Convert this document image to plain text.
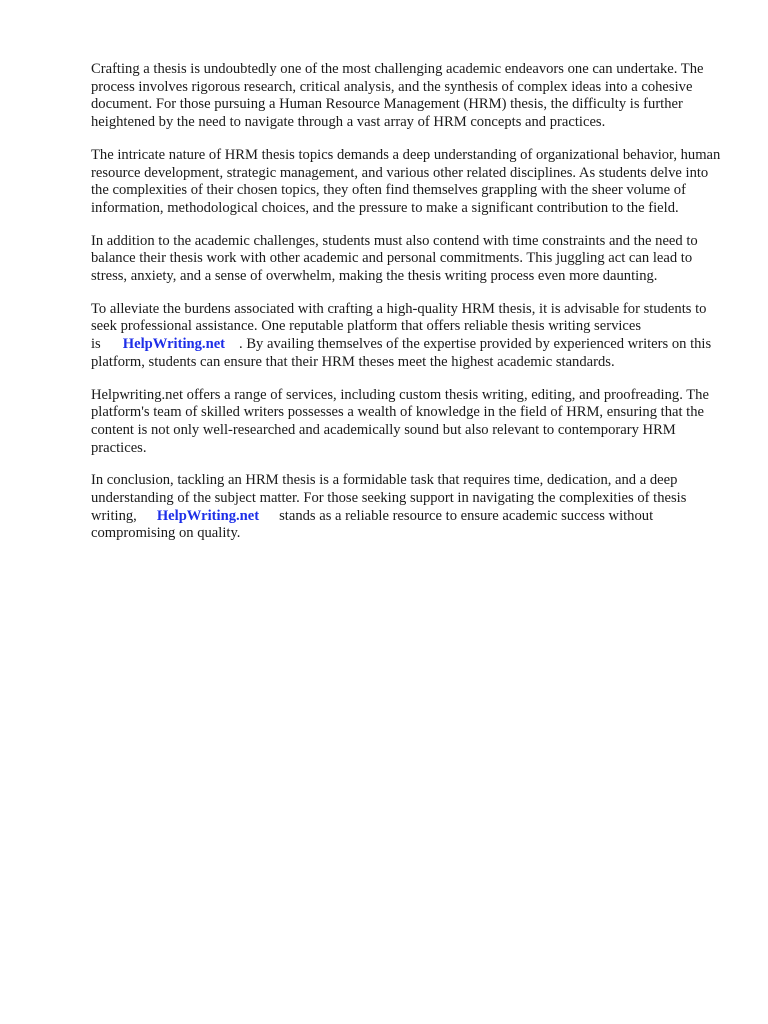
Crafting a thesis is undoubtedly one of the most challenging academic endeavors one can undertake. The process involves rigorous research, critical analysis, and the synthesis of complex ideas into a cohesive document. For those pursuing a Human Resource Management (HRM) thesis, the difficulty is further heightened by the need to navigate through a vast array of HRM concepts and practices.

The intricate nature of HRM thesis topics demands a deep understanding of organizational behavior, human resource development, strategic management, and various other related disciplines. As students delve into the complexities of their chosen topics, they often find themselves grappling with the sheer volume of information, methodological choices, and the pressure to make a significant contribution to the field.

In addition to the academic challenges, students must also contend with time constraints and the need to balance their thesis work with other academic and personal commitments. This juggling act can lead to stress, anxiety, and a sense of overwhelm, making the thesis writing process even more daunting.

To alleviate the burdens associated with crafting a high-quality HRM thesis, it is advisable for students to seek professional assistance. One reputable platform that offers reliable thesis writing services is HelpWriting.net . By availing themselves of the expertise provided by experienced writers on this platform, students can ensure that their HRM theses meet the highest academic standards.

Helpwriting.net offers a range of services, including custom thesis writing, editing, and proofreading. The platform's team of skilled writers possesses a wealth of knowledge in the field of HRM, ensuring that the content is not only well-researched and academically sound but also relevant to contemporary HRM practices.

In conclusion, tackling an HRM thesis is a formidable task that requires time, dedication, and a deep understanding of the subject matter. For those seeking support in navigating the complexities of thesis writing, HelpWriting.net stands as a reliable resource to ensure academic success without compromising on quality.
